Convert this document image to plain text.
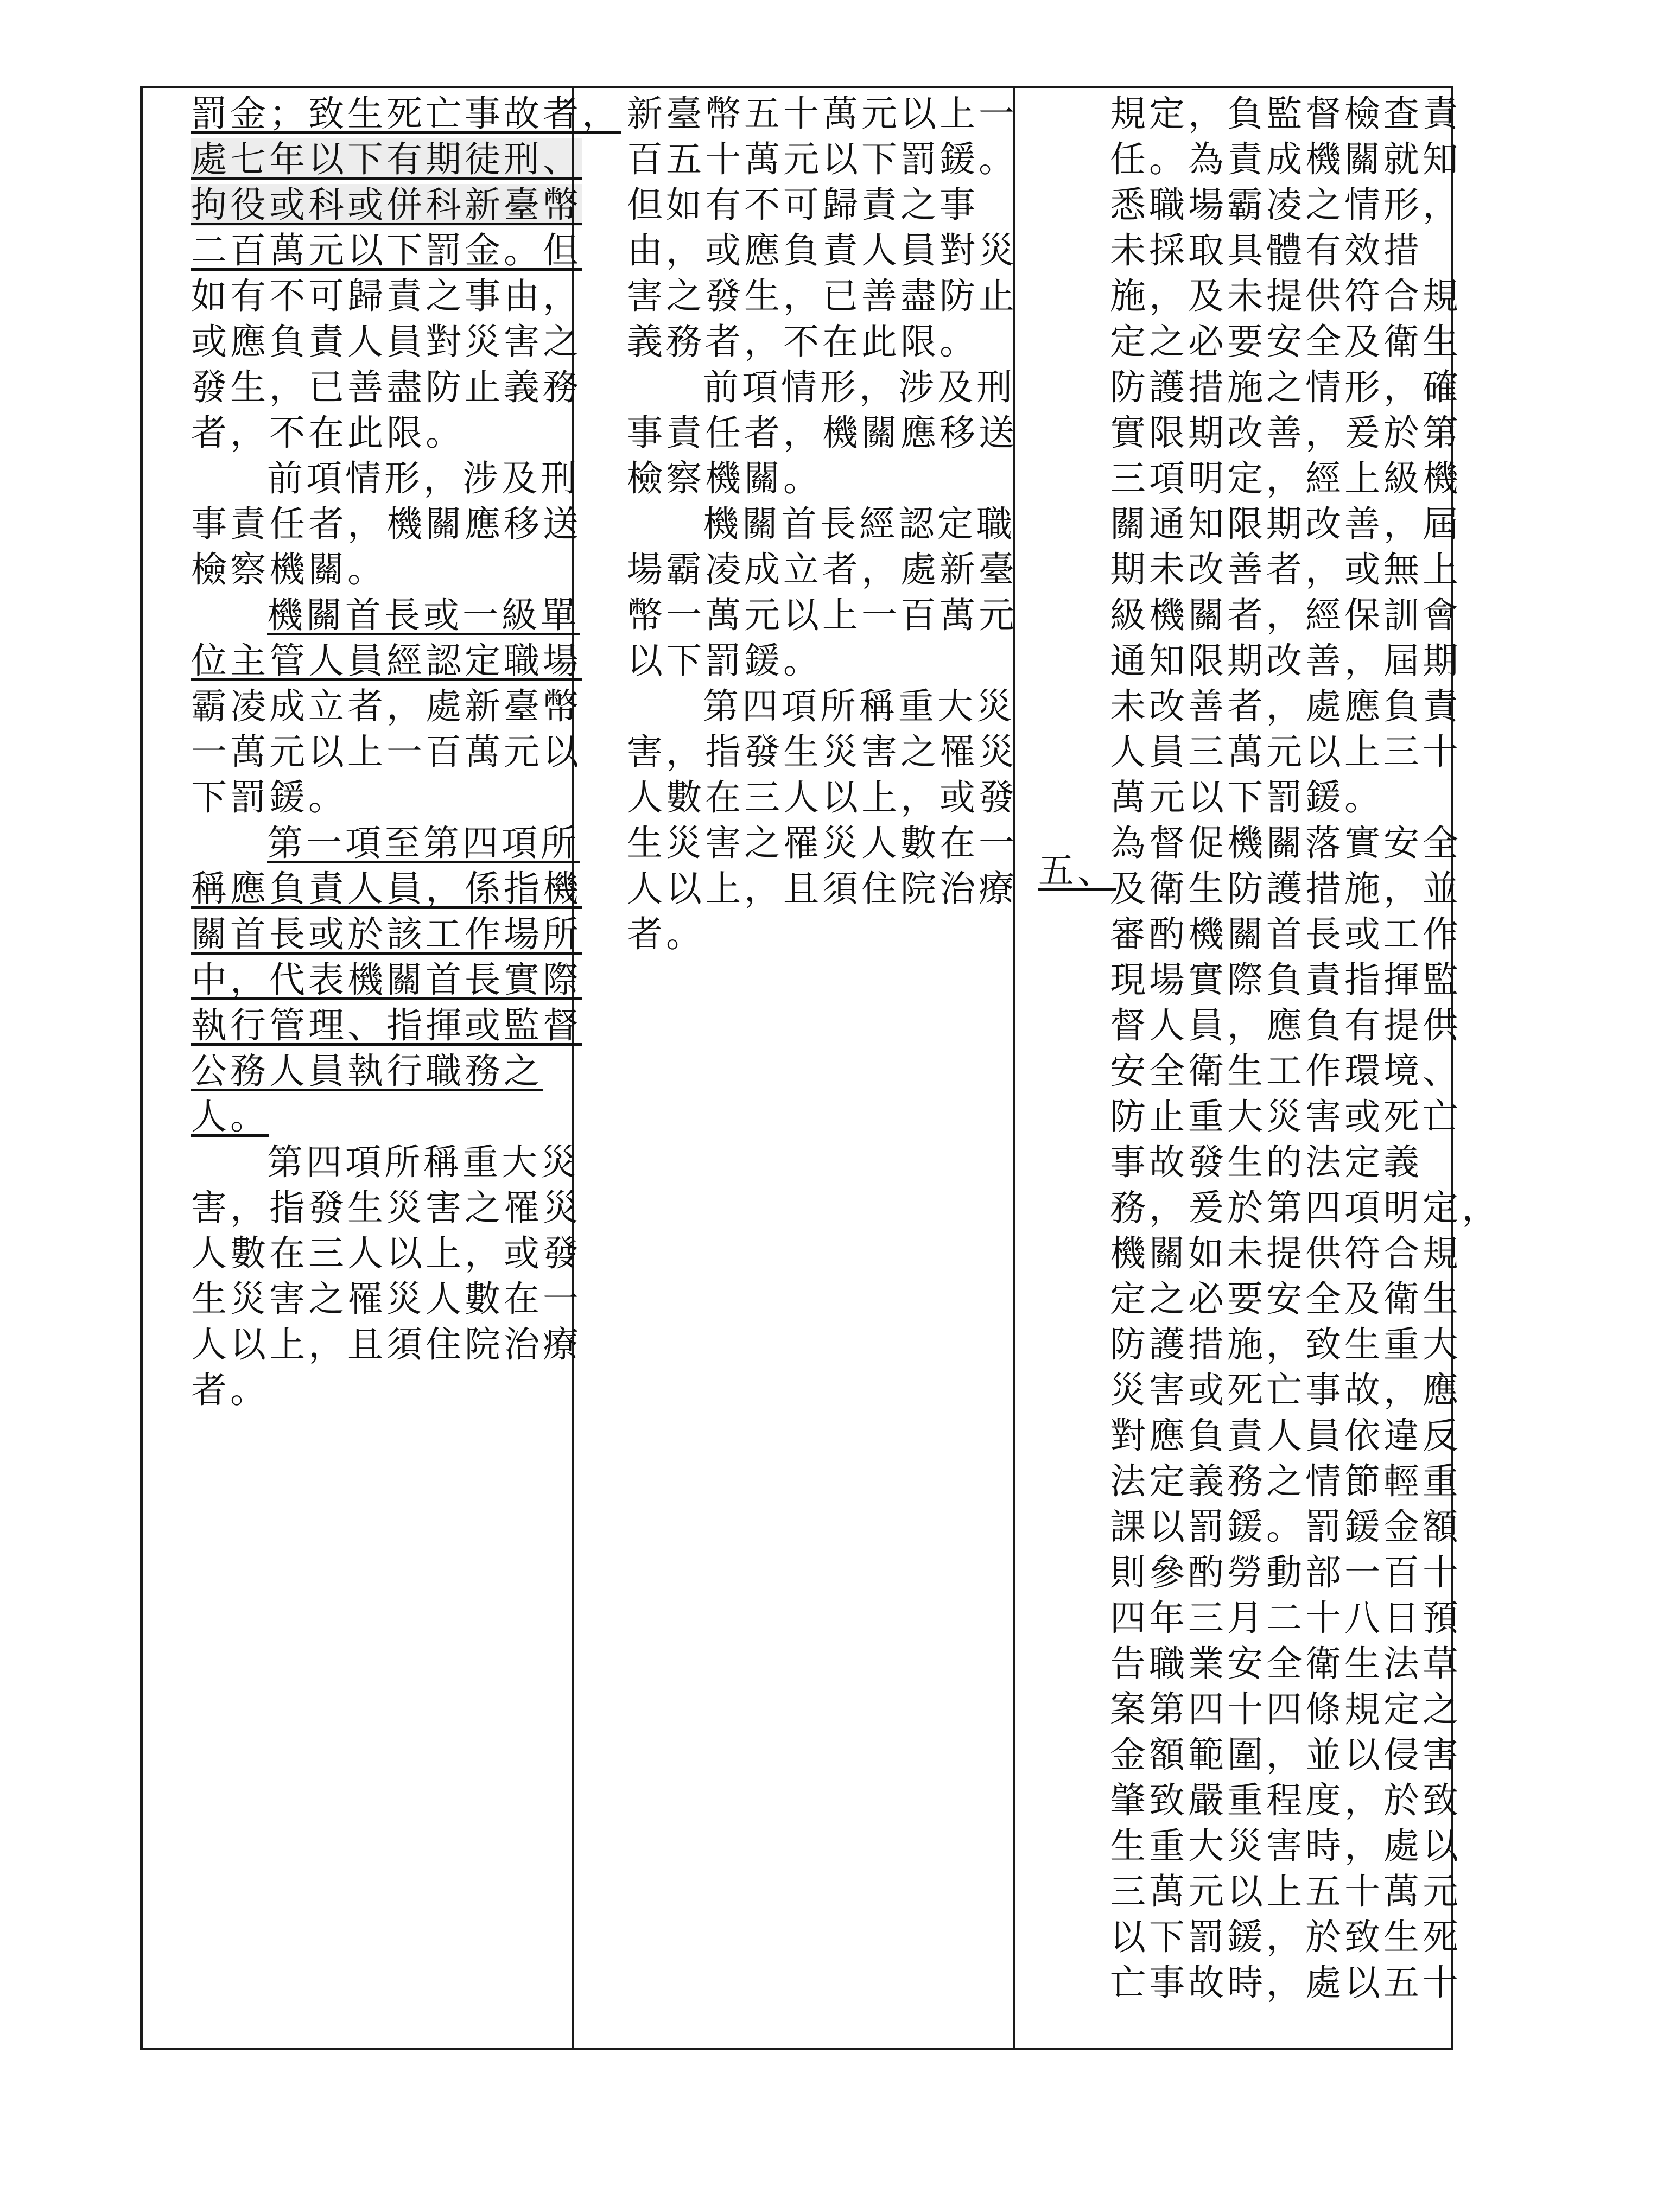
罰金；致生死亡事故者，

處七年以下有期徒刑、

拘役或科或併科新臺幣

二百萬元以下罰金。但

如有不可歸責之事由，

或應負責人員對災害之

發生，已善盡防止義務

者，不在此限。

前項情形，涉及刑

事責任者，機關應移送

檢察機關。

機關首長或一級單

位主管人員經認定職場

霸凌成立者，處新臺幣

一萬元以上一百萬元以

下罰鍰。

第一項至第四項所

稱應負責人員，係指機

關首長或於該工作場所

中，代表機關首長實際

執行管理、指揮或監督

公務人員執行職務之

人。

第四項所稱重大災

害，指發生災害之罹災

人數在三人以上，或發

生災害之罹災人數在一

人以上，且須住院治療

者。

新臺幣五十萬元以上一

百五十萬元以下罰鍰。

但如有不可歸責之事

由，或應負責人員對災

害之發生，已善盡防止

義務者，不在此限。

前項情形，涉及刑

事責任者，機關應移送

檢察機關。

機關首長經認定職

場霸凌成立者，處新臺

幣一萬元以上一百萬元

以下罰鍰。

第四項所稱重大災

害，指發生災害之罹災

人數在三人以上，或發

生災害之罹災人數在一

人以上，且須住院治療

者。

規定，負監督檢查責

任。為責成機關就知

悉職場霸凌之情形，

未採取具體有效措

施，及未提供符合規

定之必要安全及衛生

防護措施之情形，確

實限期改善，爰於第

三項明定，經上級機

關通知限期改善，屆

期未改善者，或無上

級機關者，經保訓會

通知限期改善，屆期

未改善者，處應負責

人員三萬元以上三十

萬元以下罰鍰。

為督促機關落實安全

及衛生防護措施，並

審酌機關首長或工作

現場實際負責指揮監

督人員，應負有提供

安全衛生工作環境、

防止重大災害或死亡

事故發生的法定義

務，爰於第四項明定，

機關如未提供符合規

定之必要安全及衛生

防護措施，致生重大

災害或死亡事故，應

對應負責人員依違反

法定義務之情節輕重

課以罰鍰。罰鍰金額

則參酌勞動部一百十

四年三月二十八日預

告職業安全衛生法草

案第四十四條規定之

金額範圍，並以侵害

肇致嚴重程度，於致

生重大災害時，處以

三萬元以上五十萬元

以下罰鍰，於致生死

亡事故時，處以五十

五、
